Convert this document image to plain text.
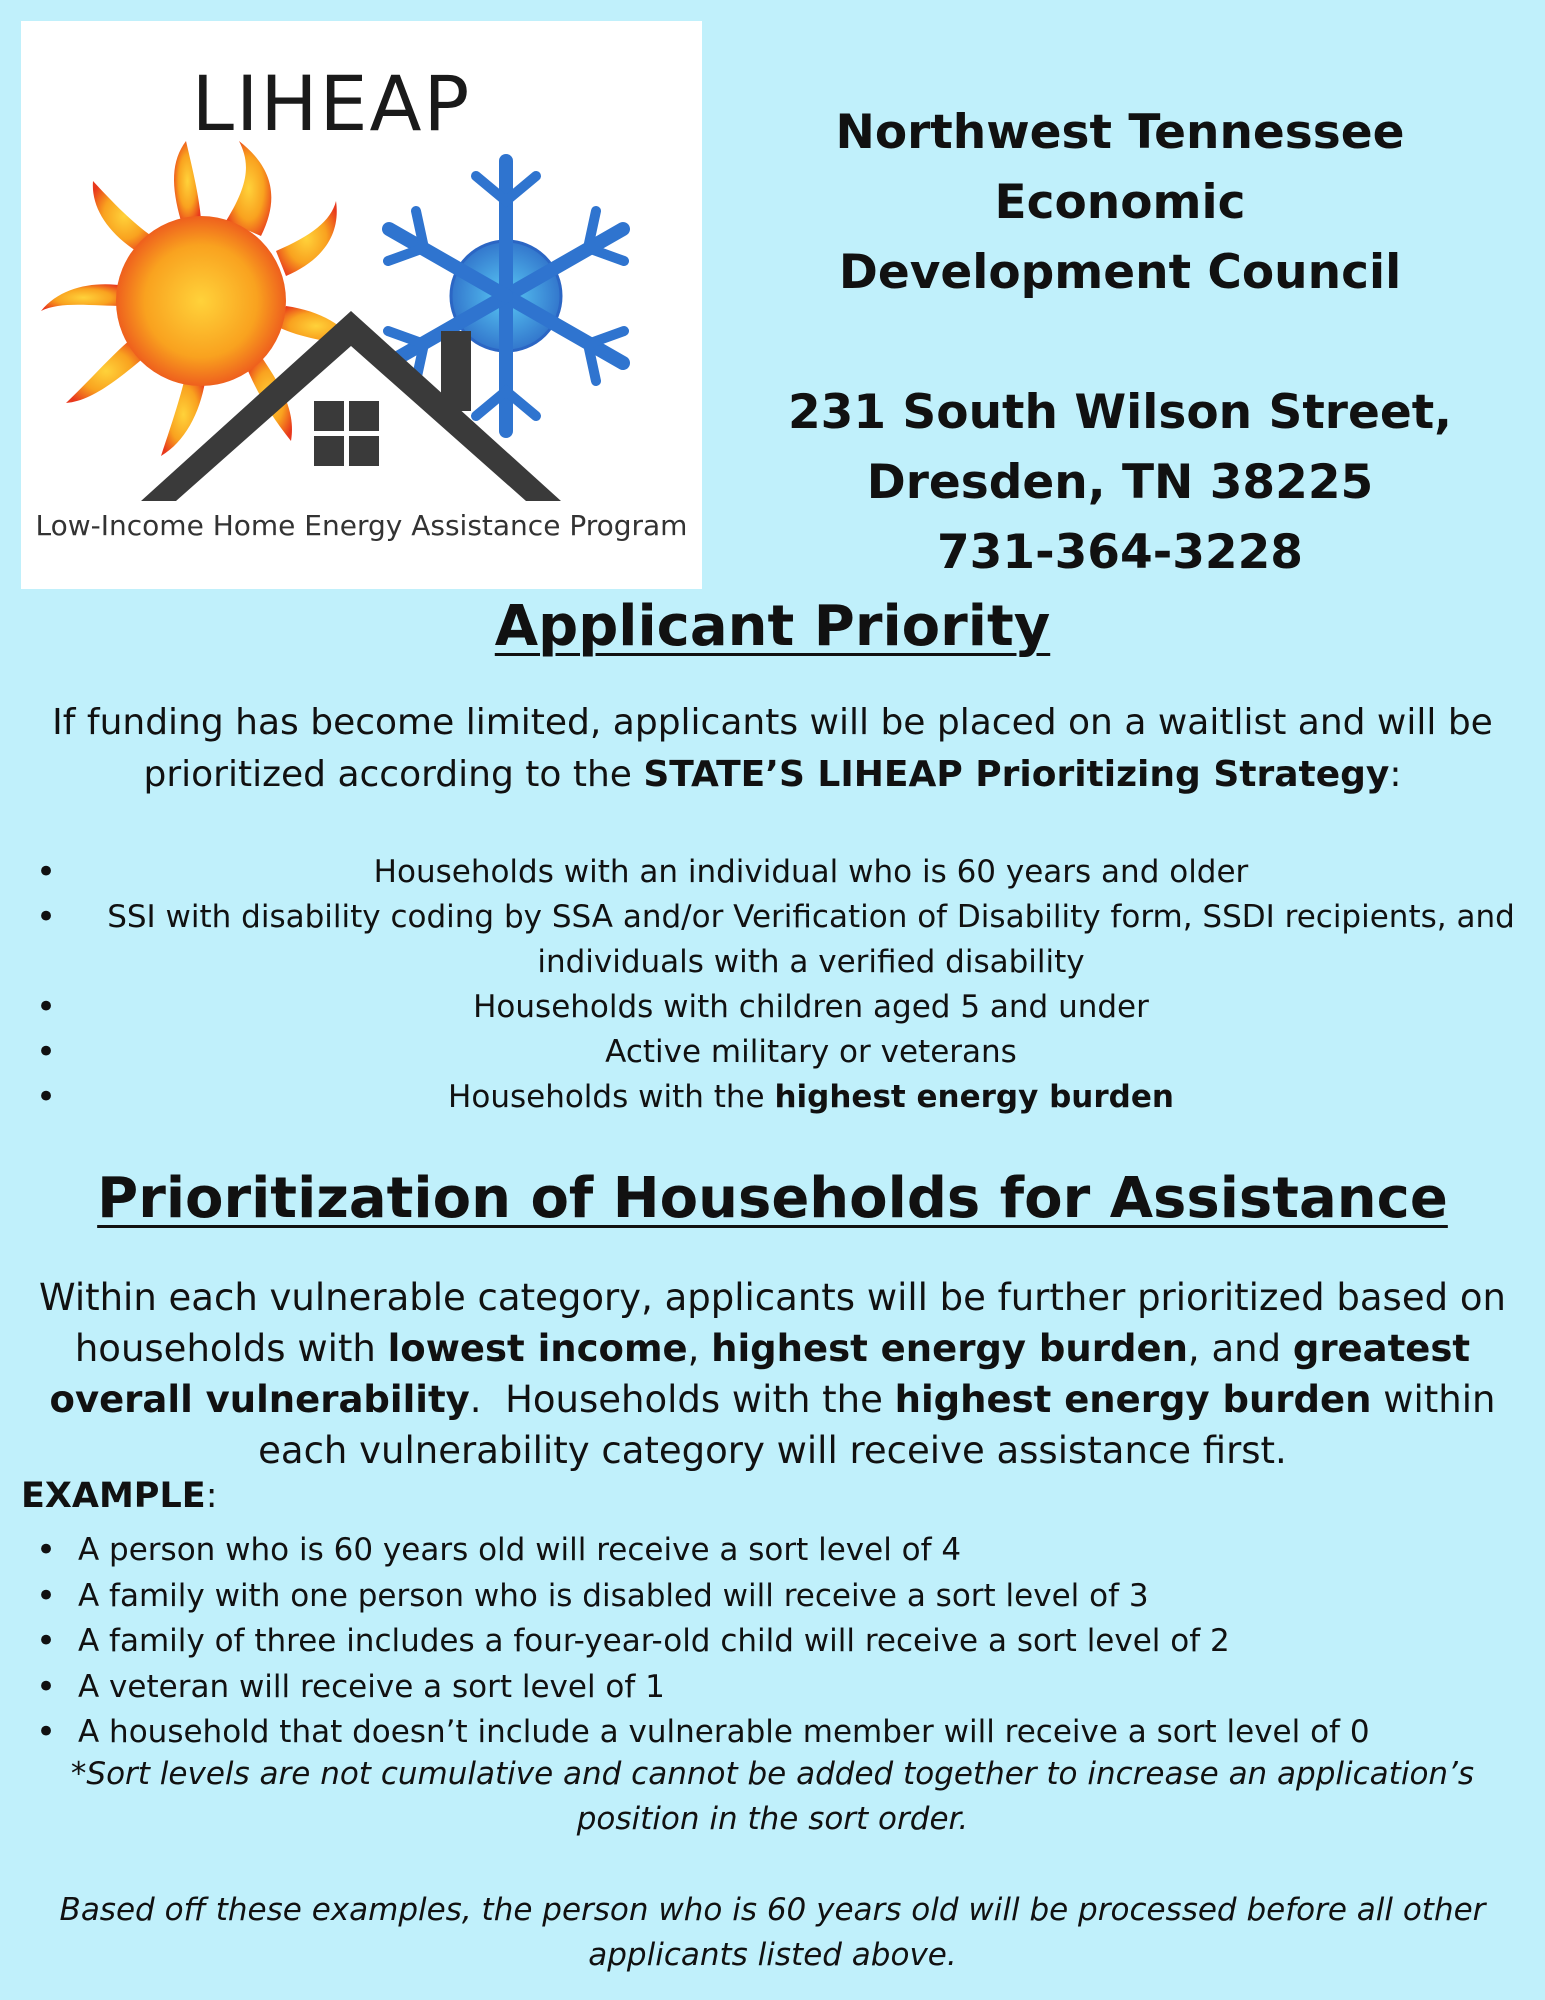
LIHEAP
Low-Income Home Energy Assistance Program
Northwest Tennessee Economic
Development Council
231 South Wilson Street,
Dresden, TN 38225
731-364-3228
Applicant Priority
If funding has become limited, applicants will be placed on a waitlist and will be prioritized according to the STATE’S LIHEAP Prioritizing Strategy:
• Households with an individual who is 60 years and older
• SSI with disability coding by SSA and/or Verification of Disability form, SSDI recipients, and individuals with a verified disability
• Households with children aged 5 and under
• Active military or veterans
• Households with the highest energy burden
Prioritization of Households for Assistance
Within each vulnerable category, applicants will be further prioritized based on households with lowest income, highest energy burden, and greatest overall vulnerability.  Households with the highest energy burden within each vulnerability category will receive assistance first.
EXAMPLE:
• A person who is 60 years old will receive a sort level of 4
• A family with one person who is disabled will receive a sort level of 3
• A family of three includes a four-year-old child will receive a sort level of 2
• A veteran will receive a sort level of 1
• A household that doesn’t include a vulnerable member will receive a sort level of 0
*Sort levels are not cumulative and cannot be added together to increase an application’s position in the sort order.
Based off these examples, the person who is 60 years old will be processed before all other applicants listed above.
